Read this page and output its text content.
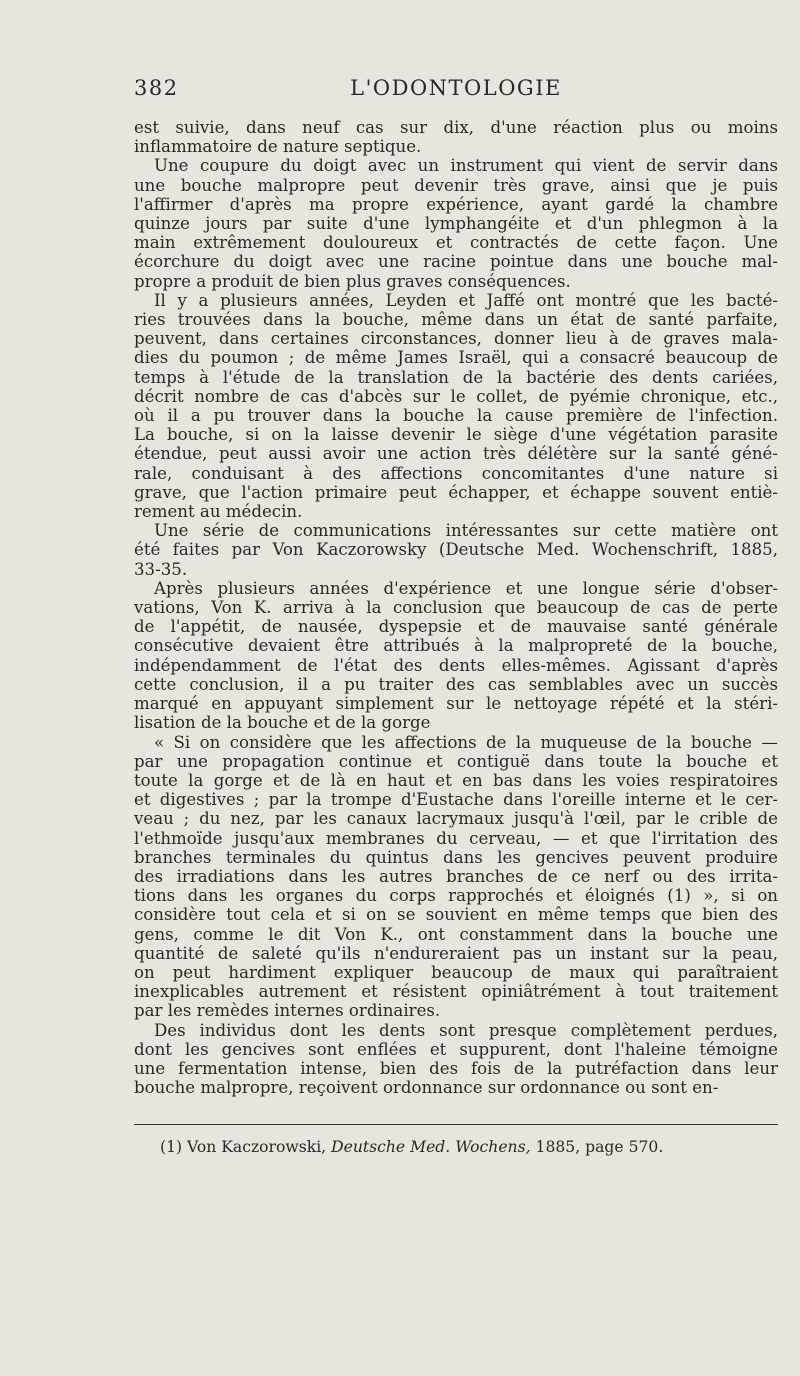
382	L'ODONTOLOGIE
est suivie, dans neuf cas sur dix, d'une réaction plus ou moins
inflammatoire de nature septique.
Une coupure du doigt avec un instrument qui vient de servir dans
une bouche malpropre peut devenir très grave, ainsi que je puis
l'affirmer d'après ma propre expérience, ayant gardé la chambre
quinze jours par suite d'une lymphangéite et d'un phlegmon à la
main extrêmement douloureux et contractés de cette façon. Une
écorchure du doigt avec une racine pointue dans une bouche mal-
propre a produit de bien plus graves conséquences.
Il y a plusieurs années, Leyden et Jaffé ont montré que les bacté-
ries trouvées dans la bouche, même dans un état de santé parfaite,
peuvent, dans certaines circonstances, donner lieu à de graves mala-
dies du poumon ; de même James Israël, qui a consacré beaucoup de
temps à l'étude de la translation de la bactérie des dents cariées,
décrit nombre de cas d'abcès sur le collet, de pyémie chronique, etc.,
où il a pu trouver dans la bouche la cause première de l'infection.
La bouche, si on la laisse devenir le siège d'une végétation parasite
étendue, peut aussi avoir une action très délétère sur la santé géné-
rale, conduisant à des affections concomitantes d'une nature si
grave, que l'action primaire peut échapper, et échappe souvent entiè-
rement au médecin.
Une série de communications intéressantes sur cette matière ont
été faites par Von Kaczorowsky (Deutsche Med. Wochenschrift, 1885,
33-35.
Après plusieurs années d'expérience et une longue série d'obser-
vations, Von K. arriva à la conclusion que beaucoup de cas de perte
de l'appétit, de nausée, dyspepsie et de mauvaise santé générale
consécutive devaient être attribués à la malpropreté de la bouche,
indépendamment de l'état des dents elles-mêmes. Agissant d'après
cette conclusion, il a pu traiter des cas semblables avec un succès
marqué en appuyant simplement sur le nettoyage répété et la stéri-
lisation de la bouche et de la gorge
« Si on considère que les affections de la muqueuse de la bouche —
par une propagation continue et contiguë dans toute la bouche et
toute la gorge et de là en haut et en bas dans les voies respiratoires
et digestives ; par la trompe d'Eustache dans l'oreille interne et le cer-
veau ; du nez, par les canaux lacrymaux jusqu'à l'œil, par le crible de
l'ethmoïde jusqu'aux membranes du cerveau, — et que l'irritation des
branches terminales du quintus dans les gencives peuvent produire
des irradiations dans les autres branches de ce nerf ou des irrita-
tions dans les organes du corps rapprochés et éloignés (1) », si on
considère tout cela et si on se souvient en même temps que bien des
gens, comme le dit Von K., ont constamment dans la bouche une
quantité de saleté qu'ils n'endureraient pas un instant sur la peau,
on peut hardiment expliquer beaucoup de maux qui paraîtraient
inexplicables autrement et résistent opiniâtrément à tout traitement
par les remèdes internes ordinaires.
Des individus dont les dents sont presque complètement perdues,
dont les gencives sont enflées et suppurent, dont l'haleine témoigne
une fermentation intense, bien des fois de la putréfaction dans leur
bouche malpropre, reçoivent ordonnance sur ordonnance ou sont en-
(1) Von Kaczorowski, Deutsche Med. Wochens, 1885, page 570.
